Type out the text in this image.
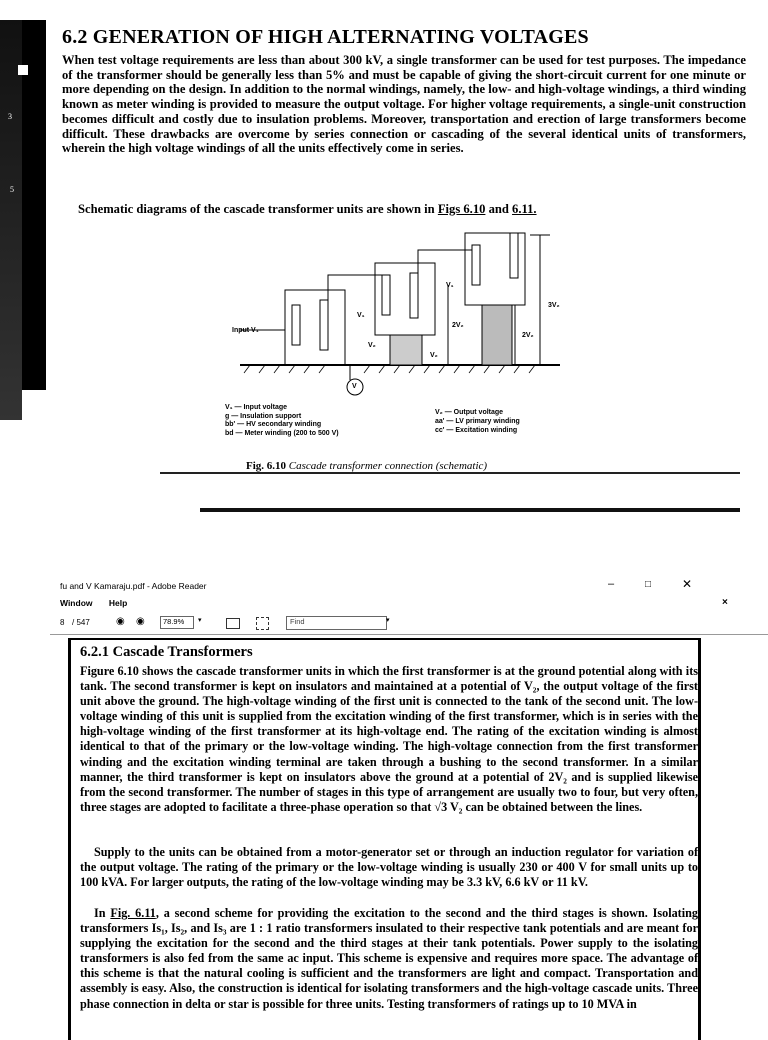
3
5
6.2 GENERATION OF HIGH ALTERNATING VOLTAGES
When test voltage requirements are less than about 300 kV, a single transformer can be used for test purposes. The impedance of the transformer should be generally less than 5% and must be capable of giving the short-circuit current for one minute or more depending on the design. In addition to the normal windings, namely, the low- and high-voltage windings, a third winding known as meter winding is provided to measure the output voltage. For higher voltage requirements, a single-unit construction becomes difficult and costly due to insulation problems. Moreover, transportation and erection of large transformers become difficult. These drawbacks are overcome by series connection or cascading of the several identical units of transformers, wherein the high voltage windings of all the units effectively come in series.
Schematic diagrams of the cascade transformer units are shown in Figs 6.10 and 6.11.
Input V₁
V₁
V₁
2V₂
2V₂
3V₂
V₂
V₂
V
V₁ — Input voltage
g — Insulation support
bb' — HV secondary winding
bd — Meter winding (200 to 500 V)
V₂ — Output voltage
aa' — LV primary winding
cc' — Excitation winding
Fig. 6.10 Cascade transformer connection (schematic)
fu and V Kamaraju.pdf - Adobe Reader	–	□	✕
Window Help	×
8 / 547	◉ ◉	78.9%	▾	Find	▾
6.2.1 Cascade Transformers
Figure 6.10 shows the cascade transformer units in which the first transformer is at the ground potential along with its tank. The second transformer is kept on insulators and maintained at a potential of V₂, the output voltage of the first unit above the ground. The high-voltage winding of the first unit is connected to the tank of the second unit. The low-voltage winding of this unit is supplied from the excitation winding of the first transformer, which is in series with the high-voltage winding of the first transformer at its high-voltage end. The rating of the excitation winding is almost identical to that of the primary or the low-voltage winding. The high-voltage connection from the first transformer winding and the excitation winding terminal are taken through a bushing to the second transformer. In a similar manner, the third transformer is kept on insulators above the ground at a potential of 2V₂ and is supplied likewise from the second transformer. The number of stages in this type of arrangement are usually two to four, but very often, three stages are adopted to facilitate a three-phase operation so that √3 V₂ can be obtained between the lines.
Supply to the units can be obtained from a motor-generator set or through an induction regulator for variation of the output voltage. The rating of the primary or the low-voltage winding is usually 230 or 400 V for small units up to 100 kVA. For larger outputs, the rating of the low-voltage winding may be 3.3 kV, 6.6 kV or 11 kV.
In Fig. 6.11, a second scheme for providing the excitation to the second and the third stages is shown. Isolating transformers Is₁, Is₂, and Is₃ are 1 : 1 ratio transformers insulated to their respective tank potentials and are meant for supplying the excitation for the second and the third stages at their tank potentials. Power supply to the isolating transformers is also fed from the same ac input. This scheme is expensive and requires more space. The advantage of this scheme is that the natural cooling is sufficient and the transformers are light and compact. Transportation and assembly is easy. Also, the construction is identical for isolating transformers and the high-voltage cascade units. Three phase connection in delta or star is possible for three units. Testing transformers of ratings up to 10 MVA in
